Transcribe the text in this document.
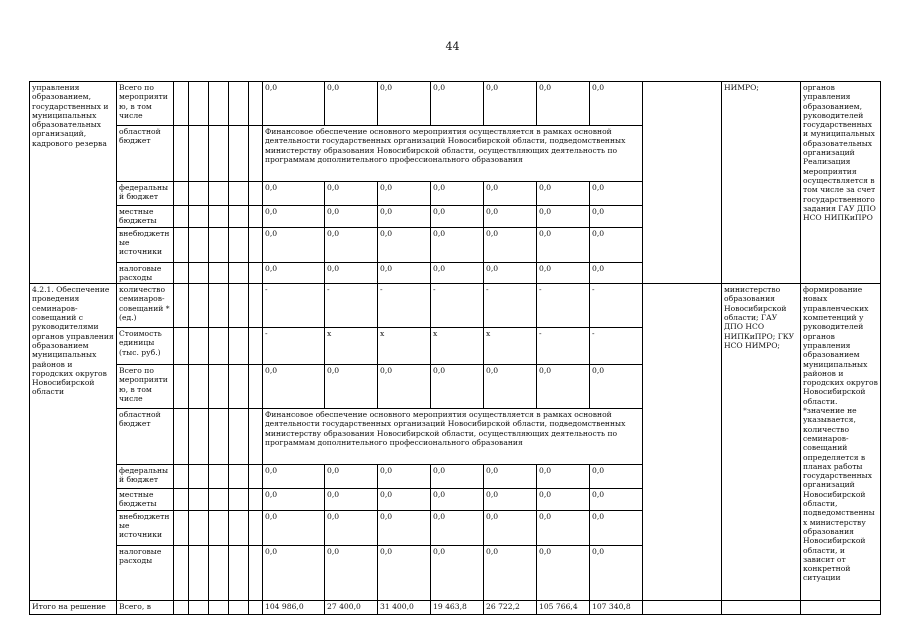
44
управления образованием, государственных и муниципальных образовательных организаций, кадрового резерва	Всего по мероприятию, в том числе						0,0	0,0	0,0	0,0	0,0	0,0	0,0		НИМРО;	органов управления образованием, руководителей государственных и муниципальных образовательных организаций Реализация мероприятия осуществляется в том числе за счет государственного задания ГАУ ДПО НСО НИПКиПРО
	областной бюджет						Финансовое обеспечение основного мероприятия осуществляется в рамках основной деятельности государственных организаций Новосибирской области, подведомственных министерству образования Новосибирской области, осуществляющих деятельность по программам дополнительного профессионального образования									
	федеральный бюджет						0,0	0,0	0,0	0,0	0,0	0,0	0,0			
	местные бюджеты						0,0	0,0	0,0	0,0	0,0	0,0	0,0			
	внебюджетные источники						0,0	0,0	0,0	0,0	0,0	0,0	0,0			
	налоговые расходы						0,0	0,0	0,0	0,0	0,0	0,0	0,0			
4.2.1. Обеспечение проведения семинаров-совещаний с руководителями органов управления образованием муниципальных районов и городских округов Новосибирской области	количество семинаров-совещаний *(ед.)						-	-	-	-	-	-	-		министерство образования Новосибирской области; ГАУ ДПО НСО НИПКиПРО; ГКУ НСО НИМРО;	формирование новых управленческих компетенций у руководителей органов управления образованием муниципальных районов и городских округов Новосибирской области. *значение не указывается, количество семинаров-совещаний определяется в планах работы государственных организаций Новосибирской области, подведомственных министерству образования Новосибирской области, и зависит от конкретной ситуации
	Стоимость единицы (тыс. руб.)						-	x	x	x	x	-	-			
	Всего по мероприятию, в том числе						0,0	0,0	0,0	0,0	0,0	0,0	0,0			
	областной бюджет						Финансовое обеспечение основного мероприятия осуществляется в рамках основной деятельности государственных организаций Новосибирской области, подведомственных министерству образования Новосибирской области, осуществляющих деятельность по программам дополнительного профессионального образования									
	федеральный бюджет						0,0	0,0	0,0	0,0	0,0	0,0	0,0			
	местные бюджеты						0,0	0,0	0,0	0,0	0,0	0,0	0,0			
	внебюджетные источники						0,0	0,0	0,0	0,0	0,0	0,0	0,0			
	налоговые расходы						0,0	0,0	0,0	0,0	0,0	0,0	0,0			
Итого на решение	Всего, в						104 986,0	27 400,0	31 400,0	19 463,8	26 722,2	105 766,4	107 340,8			
